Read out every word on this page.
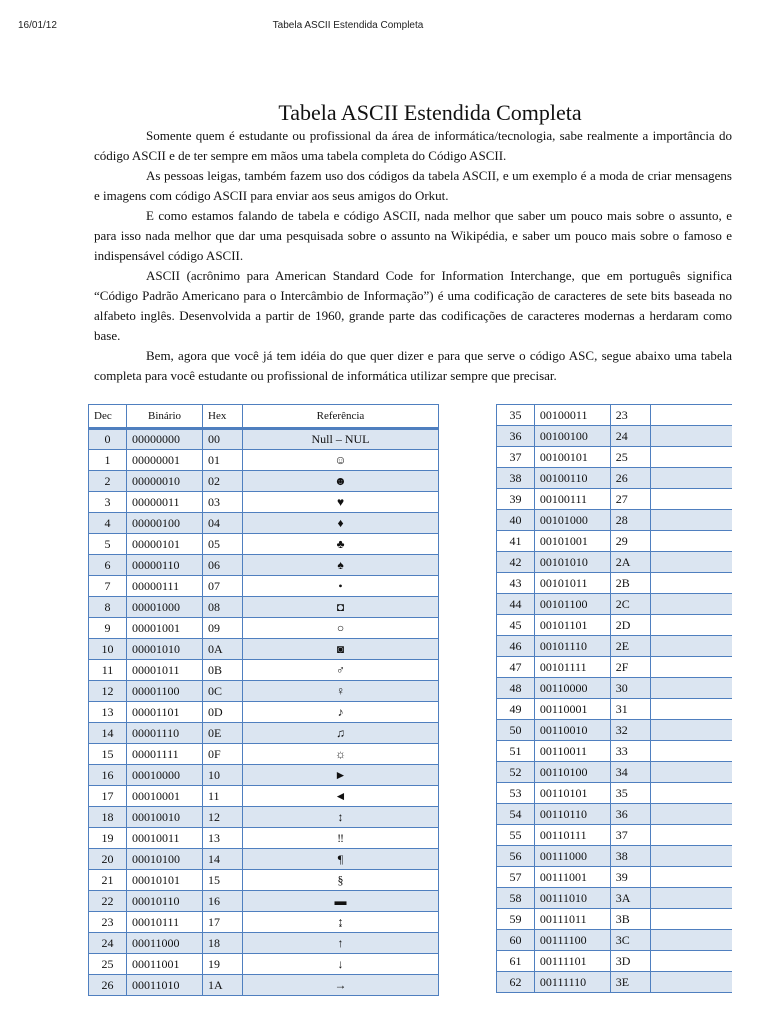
16/01/12	Tabela ASCII Estendida Completa
Tabela ASCII Estendida Completa

Somente quem é estudante ou profissional da área de informática/tecnologia, sabe realmente a importância do código ASCII e de ter sempre em mãos uma tabela completa do Código ASCII.

As pessoas leigas, também fazem uso dos códigos da tabela ASCII, e um exemplo é a moda de criar mensagens e imagens com código ASCII para enviar aos seus amigos do Orkut.

E como estamos falando de tabela e código ASCII, nada melhor que saber um pouco mais sobre o assunto, e para isso nada melhor que dar uma pesquisada sobre o assunto na Wikipédia, e saber um pouco mais sobre o famoso e indispensável código ASCII.

ASCII (acrônimo para American Standard Code for Information Interchange, que em português significa “Código Padrão Americano para o Intercâmbio de Informação”) é uma codificação de caracteres de sete bits baseada no alfabeto inglês. Desenvolvida a partir de 1960, grande parte das codificações de caracteres modernas a herdaram como base.

Bem, agora que você já tem idéia do que quer dizer e para que serve o código ASC, segue abaixo uma tabela completa para você estudante ou profissional de informática utilizar sempre que precisar.

Dec	Binário	Hex	Referência
0	00000000	00	Null – NUL
1	00000001	01	☺
2	00000010	02	☻
3	00000011	03	♥
4	00000100	04	♦
5	00000101	05	♣
6	00000110	06	♠
7	00000111	07	•
8	00001000	08	◘
9	00001001	09	○
10	00001010	0A	◙
11	00001011	0B	♂
12	00001100	0C	♀
13	00001101	0D	♪
14	00001110	0E	♫
15	00001111	0F	☼
16	00010000	10	►
17	00010001	11	◄
18	00010010	12	↕
19	00010011	13	‼
20	00010100	14	¶
21	00010101	15	§
22	00010110	16	▬
23	00010111	17	↨
24	00011000	18	↑
25	00011001	19	↓
26	00011010	1A	→
35	00100011	23	
36	00100100	24	
37	00100101	25	
38	00100110	26	
39	00100111	27	
40	00101000	28	
41	00101001	29	
42	00101010	2A	
43	00101011	2B	
44	00101100	2C	
45	00101101	2D	
46	00101110	2E	
47	00101111	2F	
48	00110000	30	
49	00110001	31	
50	00110010	32	
51	00110011	33	
52	00110100	34	
53	00110101	35	
54	00110110	36	
55	00110111	37	
56	00111000	38	
57	00111001	39	
58	00111010	3A	
59	00111011	3B	
60	00111100	3C	
61	00111101	3D	
62	00111110	3E	
